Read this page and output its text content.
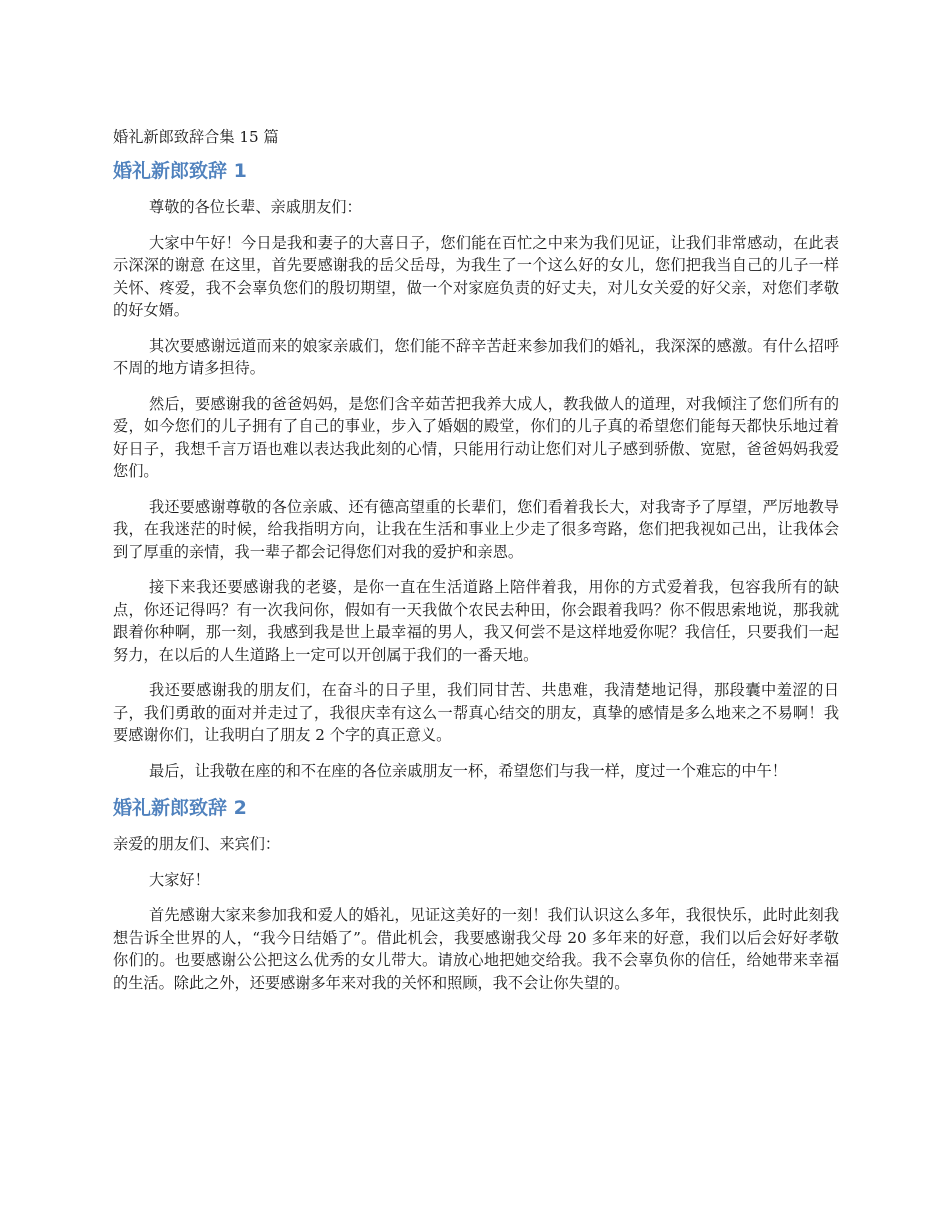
婚礼新郎致辞合集 15 篇
婚礼新郎致辞 1

尊敬的各位长辈、亲戚朋友们：

大家中午好！今日是我和妻子的大喜日子，您们能在百忙之中来为我们见证，让我们非常感动，在此表示深深的谢意 在这里，首先要感谢我的岳父岳母，为我生了一个这么好的女儿，您们把我当自己的儿子一样关怀、疼爱，我不会辜负您们的殷切期望，做一个对家庭负责的好丈夫，对儿女关爱的好父亲，对您们孝敬的好女婿。

其次要感谢远道而来的娘家亲戚们，您们能不辞辛苦赶来参加我们的婚礼，我深深的感激。有什么招呼不周的地方请多担待。

然后，要感谢我的爸爸妈妈，是您们含辛茹苦把我养大成人，教我做人的道理，对我倾注了您们所有的爱，如今您们的儿子拥有了自己的事业，步入了婚姻的殿堂，你们的儿子真的希望您们能每天都快乐地过着好日子，我想千言万语也难以表达我此刻的心情，只能用行动让您们对儿子感到骄傲、宽慰，爸爸妈妈我爱您们。

我还要感谢尊敬的各位亲戚、还有德高望重的长辈们，您们看着我长大，对我寄予了厚望，严厉地教导我，在我迷茫的时候，给我指明方向，让我在生活和事业上少走了很多弯路，您们把我视如己出，让我体会到了厚重的亲情，我一辈子都会记得您们对我的爱护和亲恩。

接下来我还要感谢我的老婆，是你一直在生活道路上陪伴着我，用你的方式爱着我，包容我所有的缺点，你还记得吗？有一次我问你，假如有一天我做个农民去种田，你会跟着我吗？你不假思索地说，那我就跟着你种啊，那一刻，我感到我是世上最幸福的男人，我又何尝不是这样地爱你呢？我信任，只要我们一起努力，在以后的人生道路上一定可以开创属于我们的一番天地。

我还要感谢我的朋友们，在奋斗的日子里，我们同甘苦、共患难，我清楚地记得，那段囊中羞涩的日子，我们勇敢的面对并走过了，我很庆幸有这么一帮真心结交的朋友，真挚的感情是多么地来之不易啊！我要感谢你们，让我明白了朋友 2 个字的真正意义。

最后，让我敬在座的和不在座的各位亲戚朋友一杯，希望您们与我一样，度过一个难忘的中午！

婚礼新郎致辞 2

亲爱的朋友们、来宾们：

大家好！

首先感谢大家来参加我和爱人的婚礼，见证这美好的一刻！我们认识这么多年，我很快乐，此时此刻我想告诉全世界的人，“我今日结婚了”。借此机会，我要感谢我父母 20 多年来的好意，我们以后会好好孝敬你们的。也要感谢公公把这么优秀的女儿带大。请放心地把她交给我。我不会辜负你的信任，给她带来幸福的生活。除此之外，还要感谢多年来对我的关怀和照顾，我不会让你失望的。
